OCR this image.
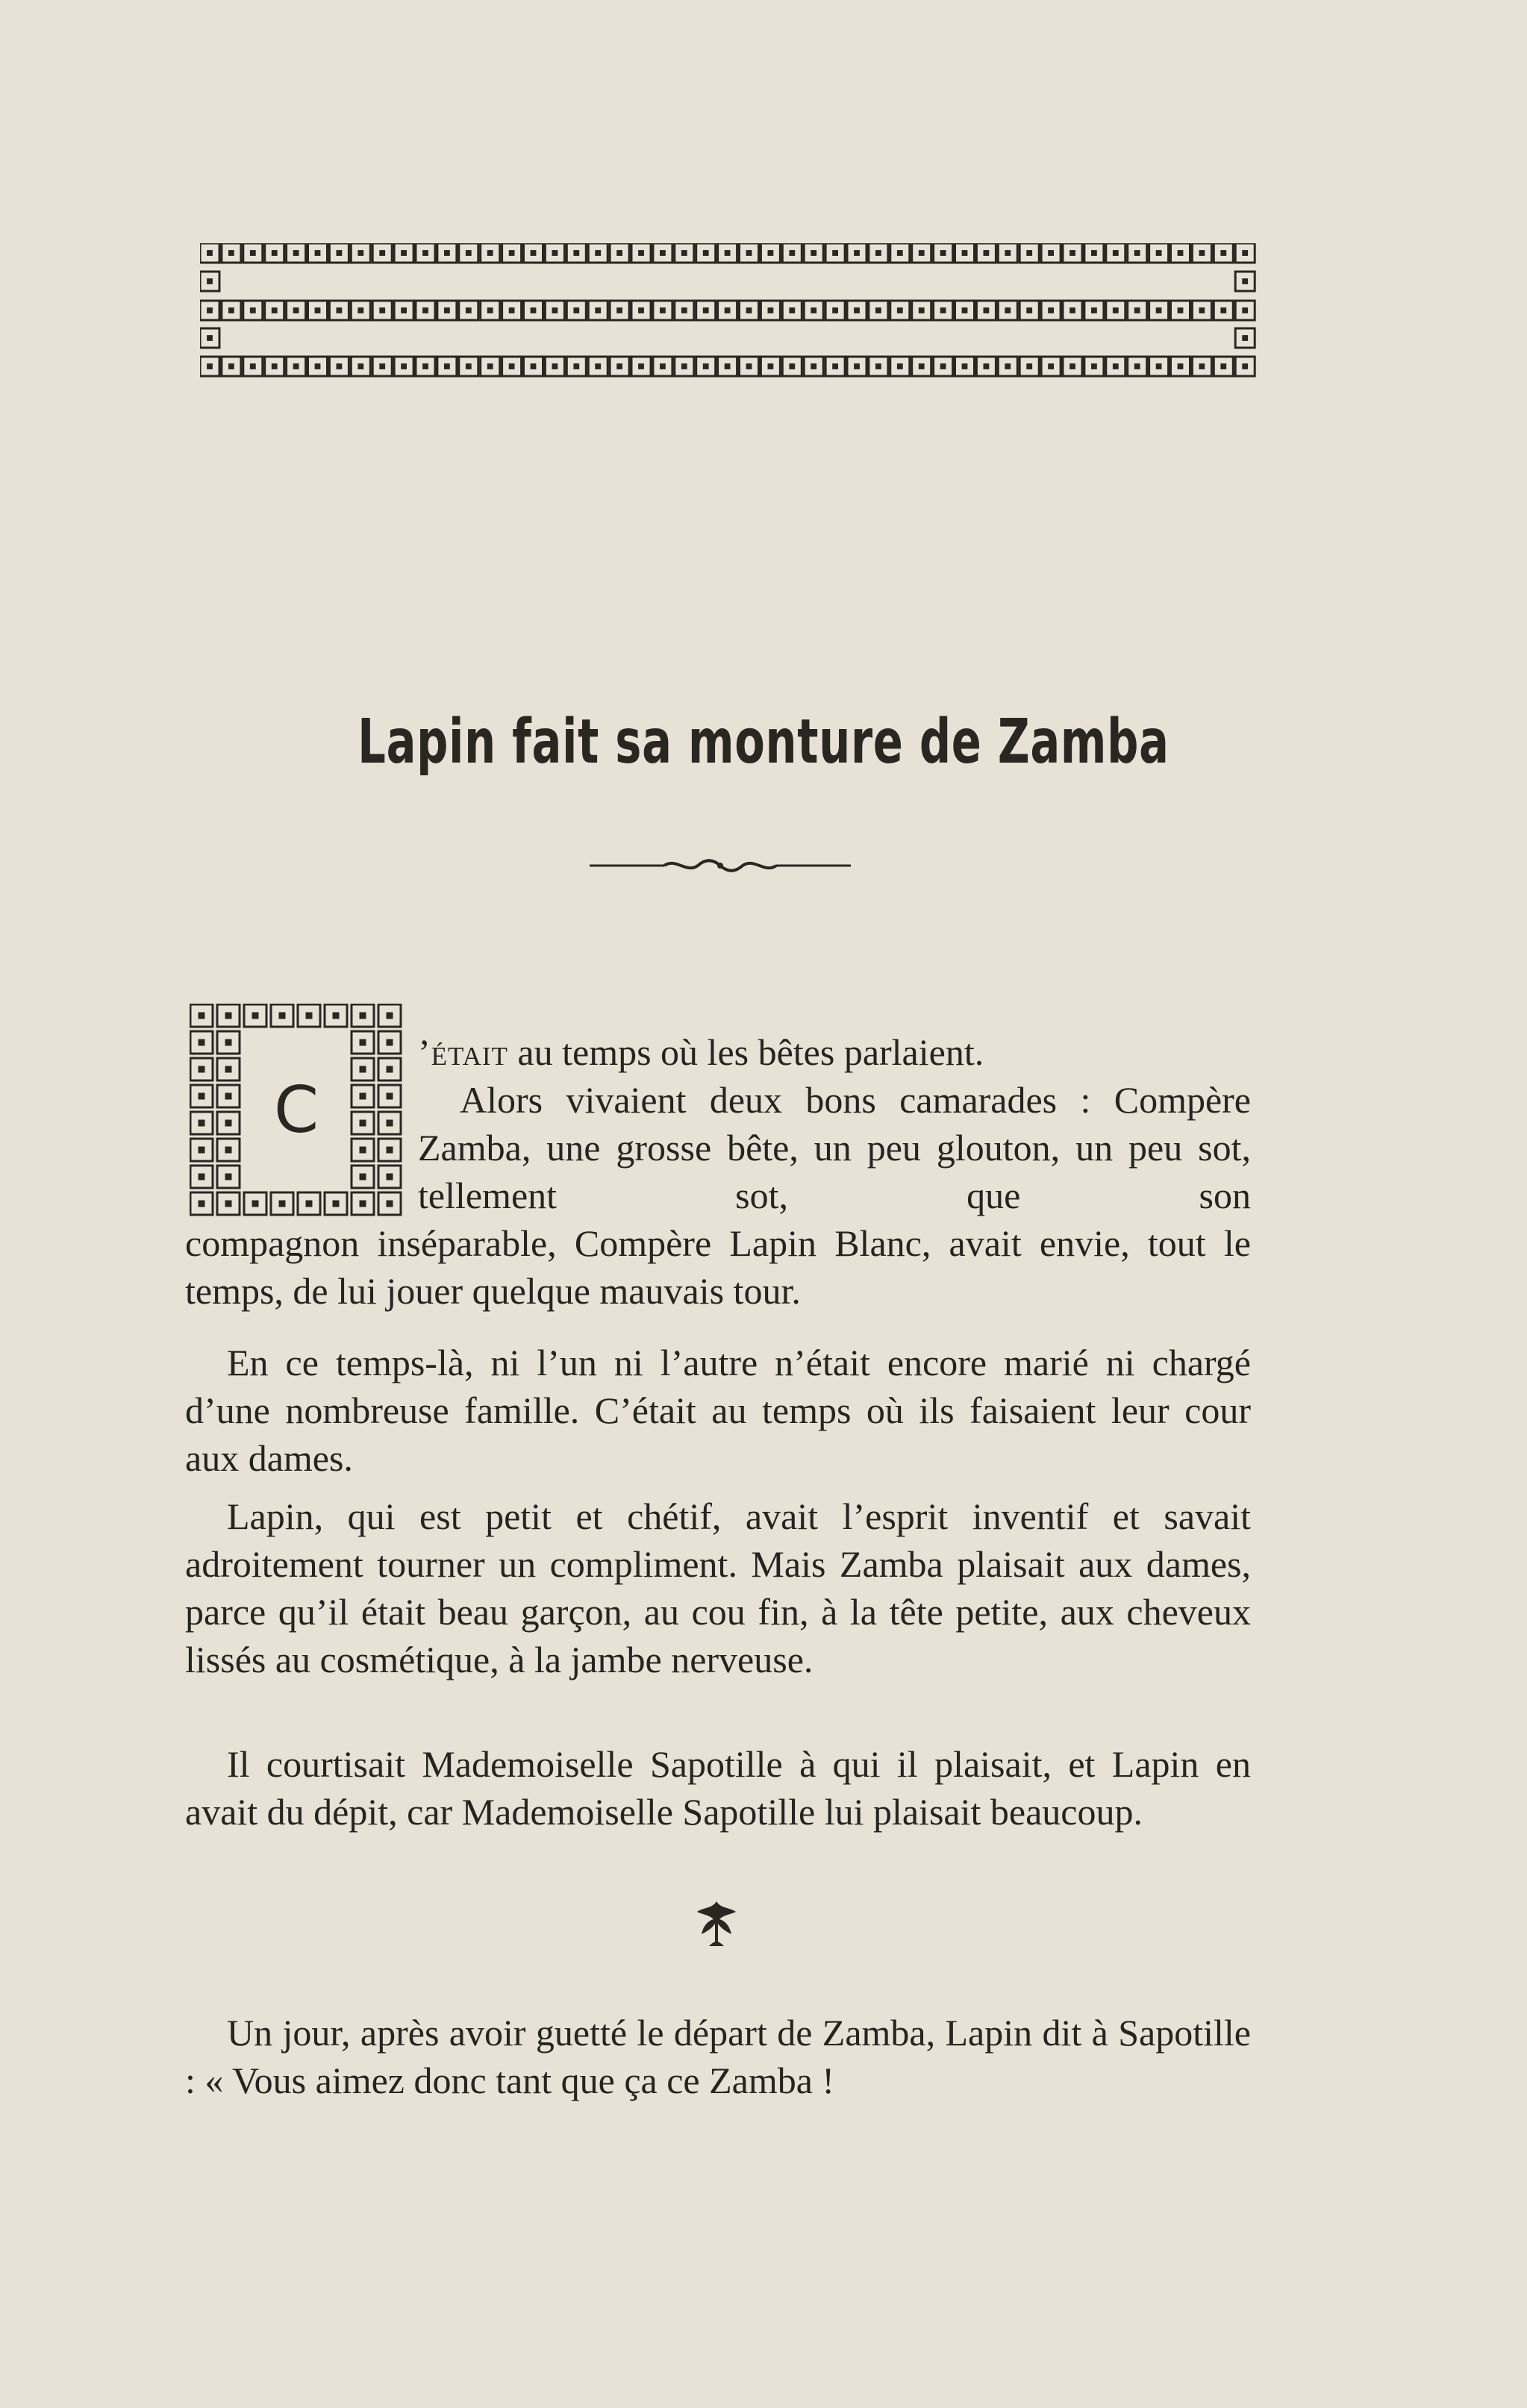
Lapin fait sa monture de Zamba
C

’était au temps où les bêtes parlaient.

Alors vivaient deux bons camarades : Compère Zamba, une grosse bête, un peu glouton, un peu sot, tellement sot, que son

compagnon inséparable, Compère Lapin Blanc, avait envie, tout le temps, de lui jouer quelque mauvais tour.

En ce temps-là, ni l’un ni l’autre n’était encore marié ni chargé d’une nombreuse famille. C’était au temps où ils faisaient leur cour aux dames.

Lapin, qui est petit et chétif, avait l’esprit inventif et savait adroitement tourner un compliment. Mais Zamba plaisait aux dames, parce qu’il était beau garçon, au cou fin, à la tête petite, aux cheveux lissés au cosmétique, à la jambe nerveuse.

Il courtisait Mademoiselle Sapotille à qui il plaisait, et Lapin en avait du dépit, car Mademoiselle Sapotille lui plaisait beaucoup.

Un jour, après avoir guetté le départ de Zamba, Lapin dit à Sapotille : « Vous aimez donc tant que ça ce Zamba !
